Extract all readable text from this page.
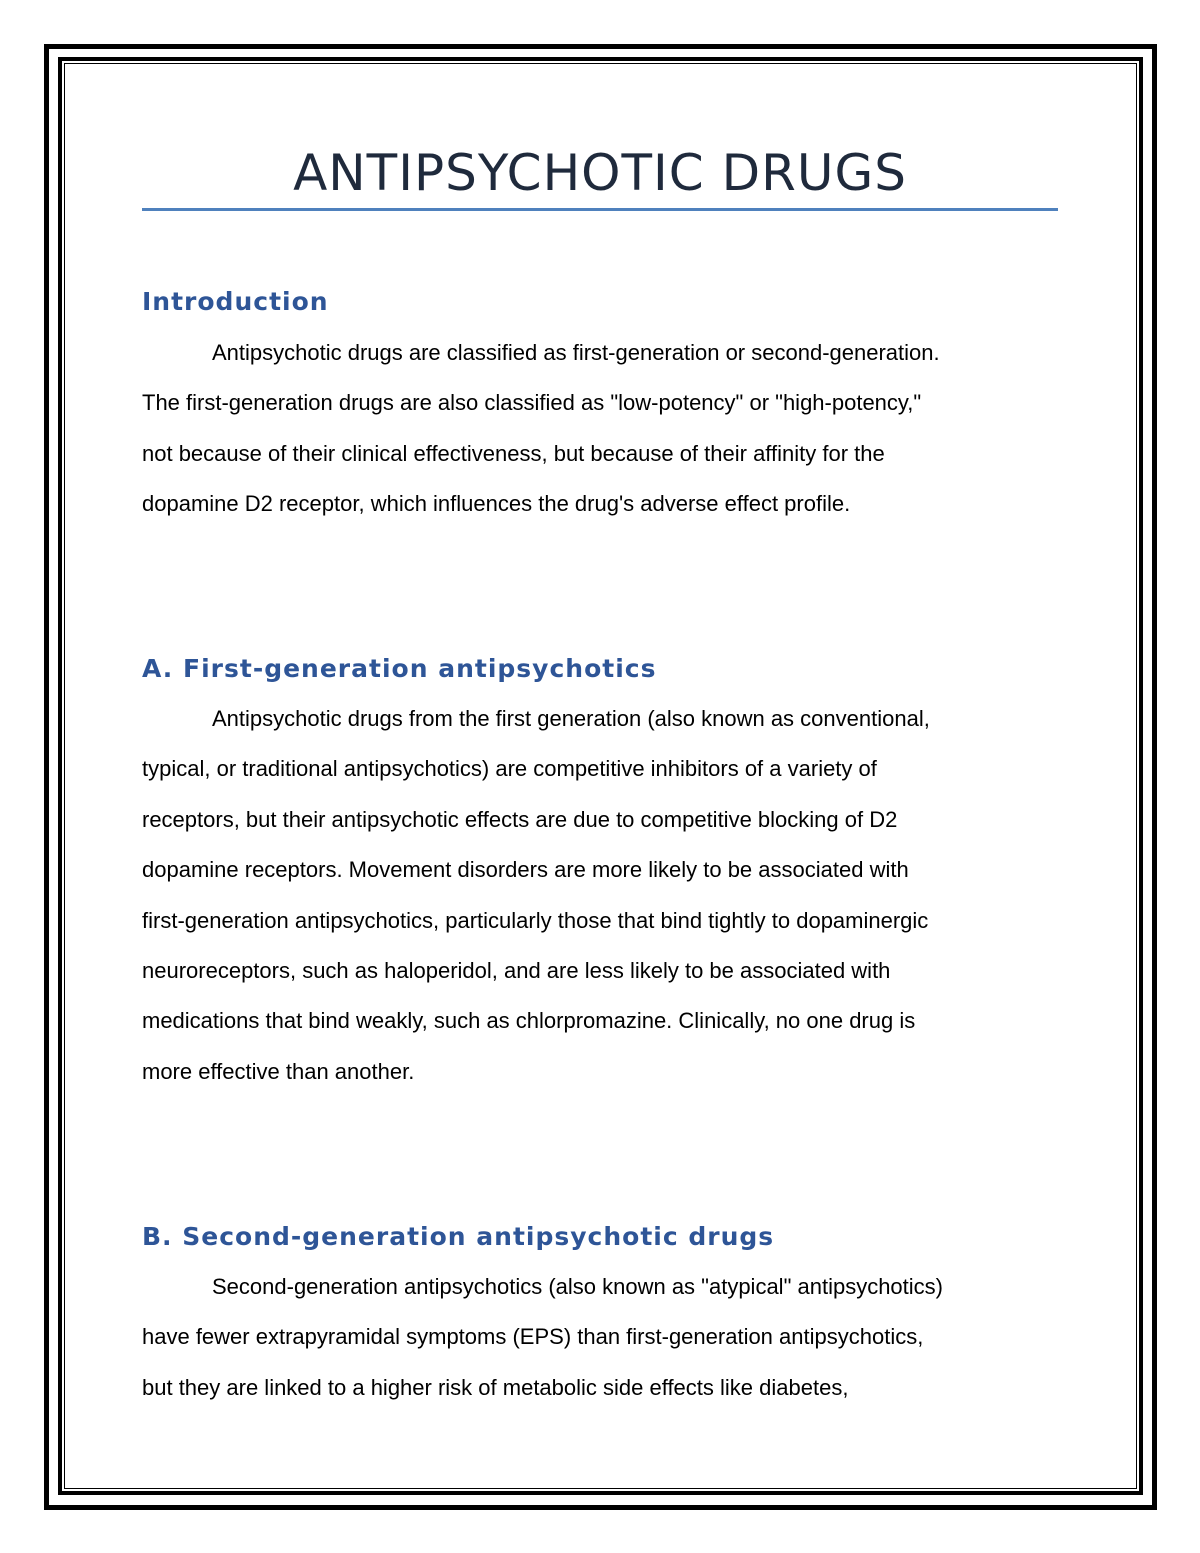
ANTIPSYCHOTIC DRUGS
Introduction
Antipsychotic drugs are classified as first-generation or second-generation.
The first-generation drugs are also classified as "low-potency" or "high-potency,"
not because of their clinical effectiveness, but because of their affinity for the
dopamine D2 receptor, which influences the drug's adverse effect profile.
A. First-generation antipsychotics
Antipsychotic drugs from the first generation (also known as conventional,
typical, or traditional antipsychotics) are competitive inhibitors of a variety of
receptors, but their antipsychotic effects are due to competitive blocking of D2
dopamine receptors. Movement disorders are more likely to be associated with
first-generation antipsychotics, particularly those that bind tightly to dopaminergic
neuroreceptors, such as haloperidol, and are less likely to be associated with
medications that bind weakly, such as chlorpromazine. Clinically, no one drug is
more effective than another.
B. Second-generation antipsychotic drugs
Second-generation antipsychotics (also known as "atypical" antipsychotics)
have fewer extrapyramidal symptoms (EPS) than first-generation antipsychotics,
but they are linked to a higher risk of metabolic side effects like diabetes,
